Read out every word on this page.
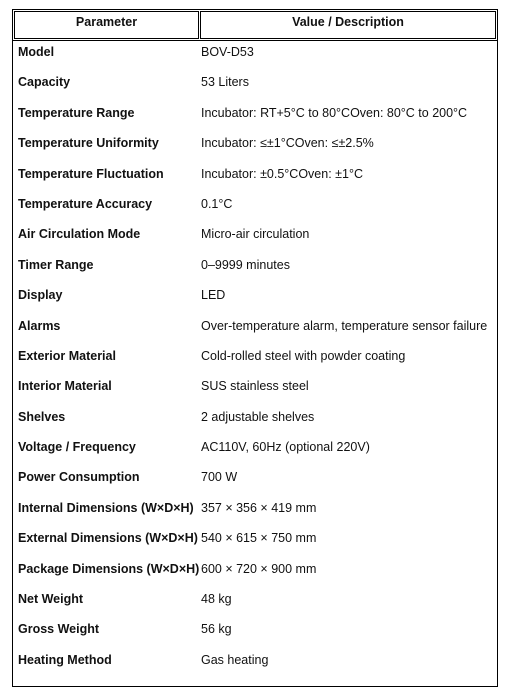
Parameter	Value / Description
Model	BOV-D53
Capacity	53 Liters
Temperature Range	Incubator: RT+5°C to 80°COven: 80°C to 200°C
Temperature Uniformity	Incubator: ≤±1°COven: ≤±2.5%
Temperature Fluctuation	Incubator: ±0.5°COven: ±1°C
Temperature Accuracy	0.1°C
Air Circulation Mode	Micro-air circulation
Timer Range	0–9999 minutes
Display	LED
Alarms	Over-temperature alarm, temperature sensor failure
Exterior Material	Cold-rolled steel with powder coating
Interior Material	SUS stainless steel
Shelves	2 adjustable shelves
Voltage / Frequency	AC110V, 60Hz (optional 220V)
Power Consumption	700 W
Internal Dimensions (W×D×H) 357 × 356 × 419 mm
External Dimensions (W×D×H) 540 × 615 × 750 mm
Package Dimensions (W×D×H) 600 × 720 × 900 mm
Net Weight	48 kg
Gross Weight	56 kg
Heating Method	Gas heating
